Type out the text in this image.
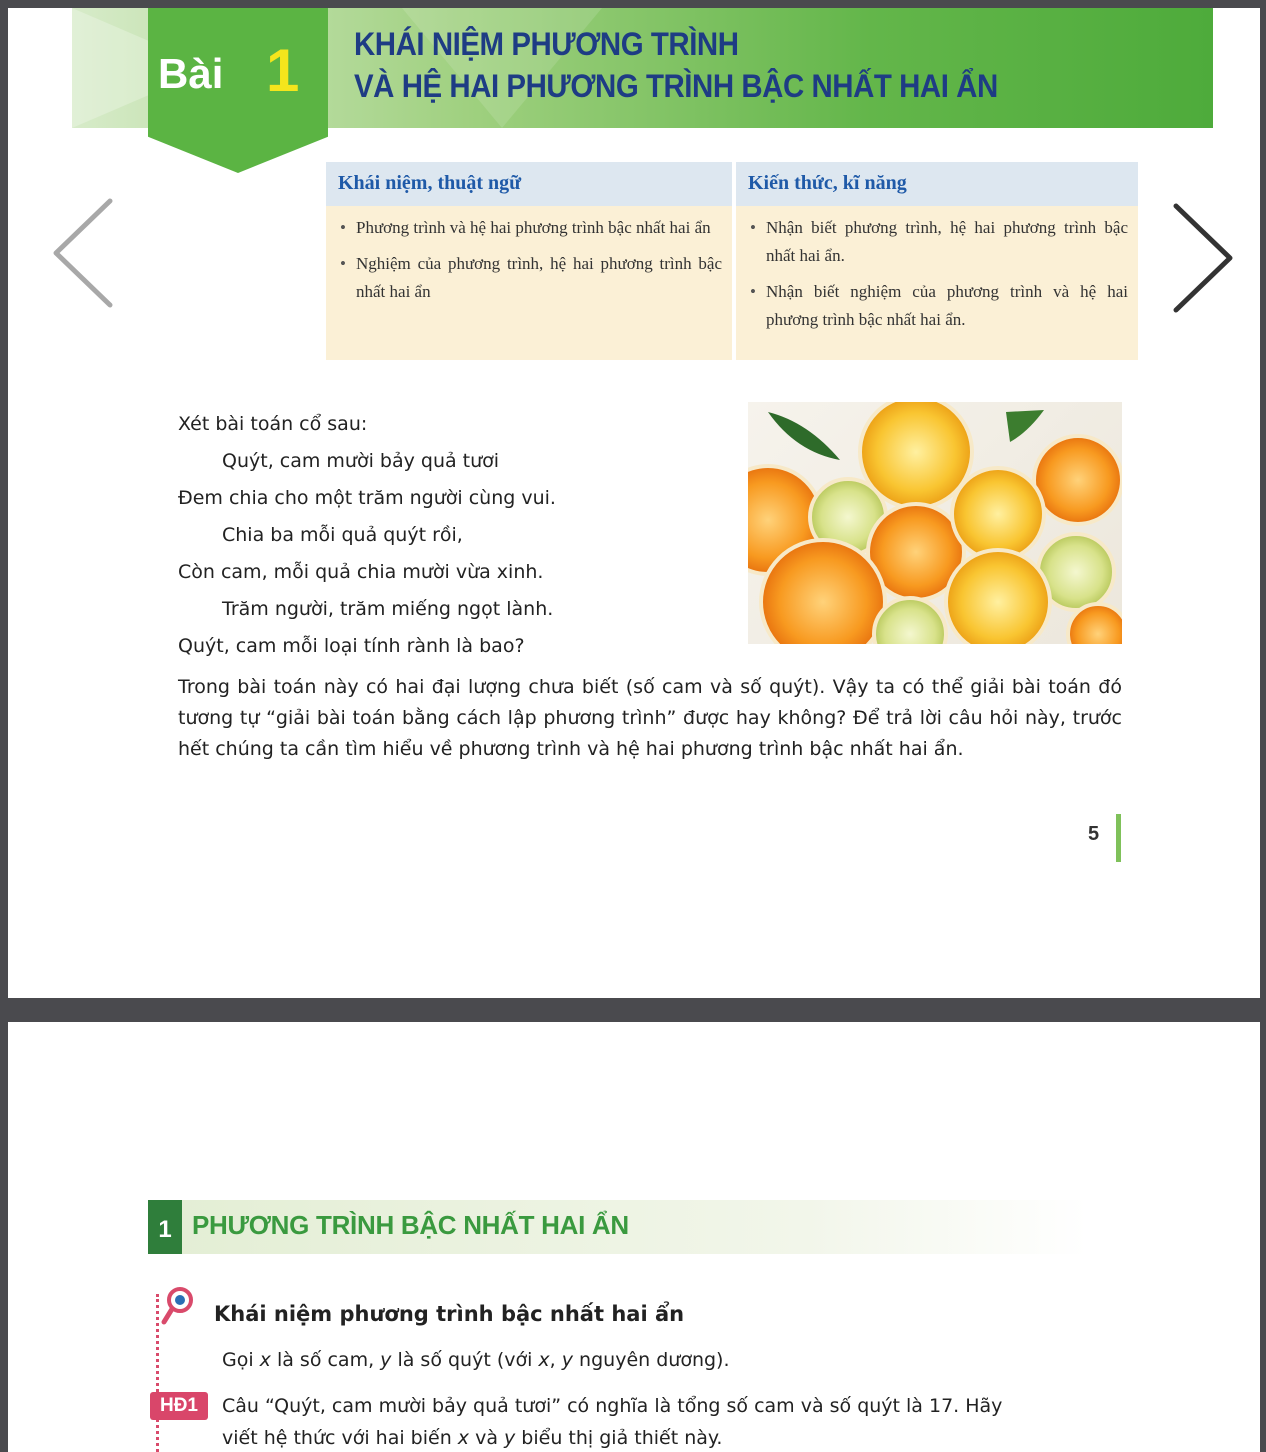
Bài 1 KHÁI NIỆM PHƯƠNG TRÌNH
VÀ HỆ HAI PHƯƠNG TRÌNH BẬC NHẤT HAI ẨN
Khái niệm, thuật ngữ
• Phương trình và hệ hai phương trình bậc nhất hai ẩn
• Nghiệm của phương trình, hệ hai phương trình bậc nhất hai ẩn
Kiến thức, kĩ năng
• Nhận biết phương trình, hệ hai phương trình bậc nhất hai ẩn.
• Nhận biết nghiệm của phương trình và hệ hai phương trình bậc nhất hai ẩn.

Xét bài toán cổ sau:

Quýt, cam mười bảy quả tươi

Đem chia cho một trăm người cùng vui.

Chia ba mỗi quả quýt rồi,

Còn cam, mỗi quả chia mười vừa xinh.

Trăm người, trăm miếng ngọt lành.

Quýt, cam mỗi loại tính rành là bao?

Trong bài toán này có hai đại lượng chưa biết (số cam và số quýt). Vậy ta có thể giải bài toán đó tương tự “giải bài toán bằng cách lập phương trình” được hay không? Để trả lời câu hỏi này, trước hết chúng ta cần tìm hiểu về phương trình và hệ hai phương trình bậc nhất hai ẩn.

5
1 PHƯƠNG TRÌNH BẬC NHẤT HAI ẨN
Khái niệm phương trình bậc nhất hai ẩn
Gọi x là số cam, y là số quýt (với x, y nguyên dương).
HĐ1	Câu “Quýt, cam mười bảy quả tươi” có nghĩa là tổng số cam và số quýt là 17. Hãy
viết hệ thức với hai biến x và y biểu thị giả thiết này.
